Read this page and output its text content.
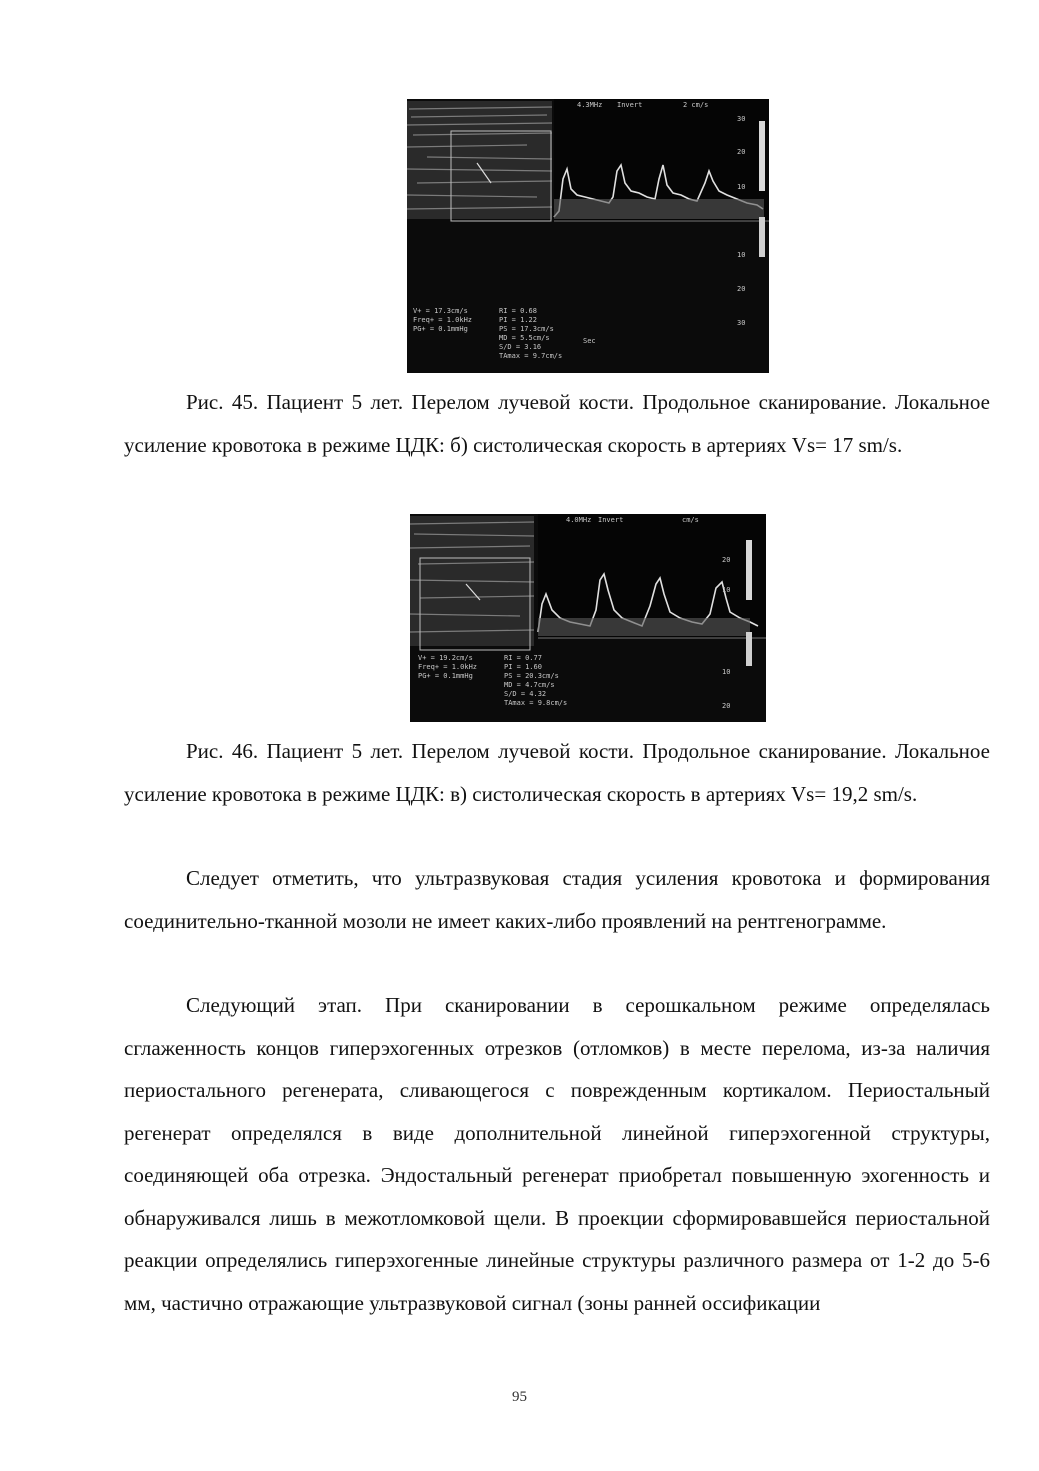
4.3MHz Invert	2 cm/s
30
20
10
10
20
30
V+ = 17.3cm/s
Freq+ = 1.0kHz
PG+ = 0.1mmHg
RI = 0.68
PI = 1.22
PS = 17.3cm/s
MD = 5.5cm/s
S/D = 3.16
TAmax = 9.7cm/s
Sec
Рис. 45. Пациент 5 лет. Перелом лучевой кости. Продольное сканирование. Локальное усиление кровотока в режиме ЦДК: б) систолическая скорость в артериях Vs= 17 sm/s.
4.0MHz Invert	cm/s
20
10
10
20
V+ = 19.2cm/s
Freq+ = 1.0kHz
PG+ = 0.1mmHg
RI = 0.77
PI = 1.60
PS = 20.3cm/s
MD = 4.7cm/s
S/D = 4.32
TAmax = 9.8cm/s
Рис. 46. Пациент 5 лет. Перелом лучевой кости. Продольное сканирование. Локальное усиление кровотока в режиме ЦДК: в) систолическая скорость в артериях Vs= 19,2 sm/s.
Следует отметить, что ультразвуковая стадия усиления кровотока и формирования соединительно-тканной мозоли не имеет каких-либо проявлений на рентгенограмме.
Следующий этап. При сканировании в серошкальном режиме определялась сглаженность концов гиперэхогенных отрезков (отломков) в месте перелома, из-за наличия периостального регенерата, сливающегося с поврежденным кортикалом. Периостальный регенерат определялся в виде дополнительной линейной гиперэхогенной структуры, соединяющей оба отрезка. Эндостальный регенерат приобретал повышенную эхогенность и обнаруживался лишь в межотломковой щели. В проекции сформировавшейся периостальной реакции определялись гиперэхогенные линейные структуры различного размера от 1-2 до 5-6 мм, частично отражающие ультразвуковой сигнал (зоны ранней оссификации
95
